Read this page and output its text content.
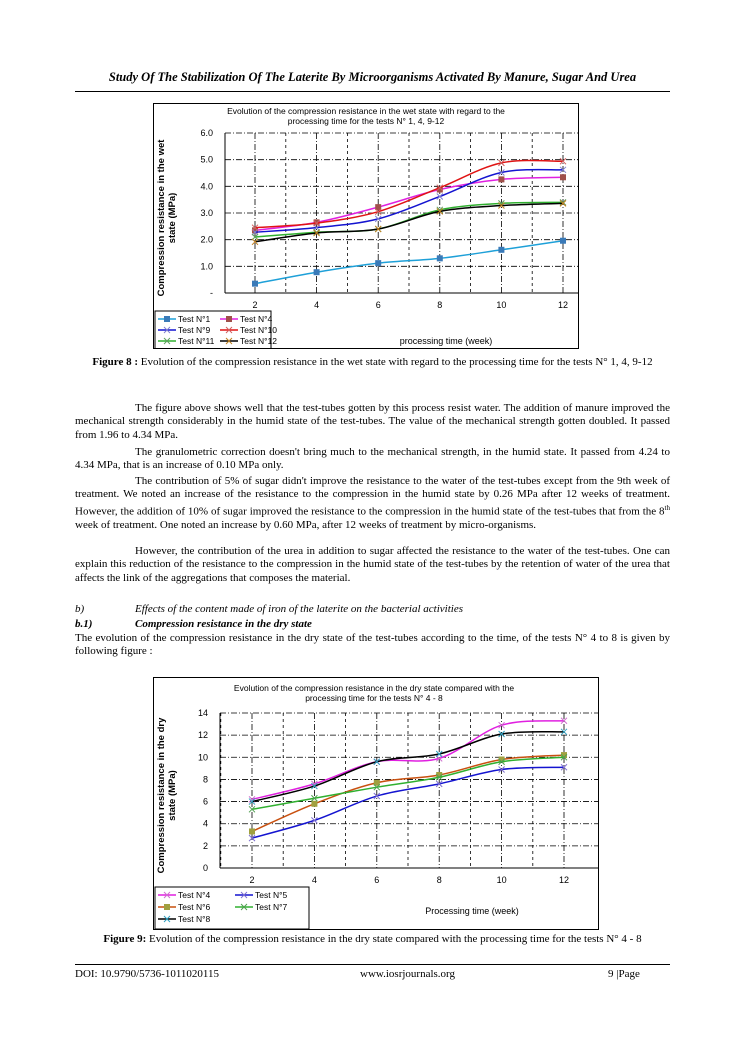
Study Of The Stabilization Of The Laterite By Microorganisms Activated By Manure, Sugar And Urea
Evolution of the compression resistance in the wet state with regard to the
processing time for the tests N° 1, 4, 9-12
-
1.0
2.0
3.0
4.0
5.0
6.0
2	4	6	8	10	12
Compression resistance in the wet state (MPa)
processing time (week)
Test N°1	Test N°4
Test N°9	Test N°10
Test N°11	Test N°12
Figure 8 : Evolution of the compression resistance in the wet state with regard to the processing time for the tests N° 1, 4, 9-12
The figure above shows well that the test-tubes gotten by this process resist water. The addition of manure improved the mechanical strength considerably in the humid state of the test-tubes. The value of the mechanical strength gotten doubled. It passed from 1.96 to 4.34 MPa.
The granulometric correction doesn't bring much to the mechanical strength, in the humid state. It passed from 4.24 to 4.34 MPa, that is an increase of 0.10 MPa only.
The contribution of 5% of sugar didn't improve the resistance to the water of the test-tubes except from the 9th week of treatment. We noted an increase of the resistance to the compression in the humid state by 0.26 MPa after 12 weeks of treatment. However, the addition of 10% of sugar improved the resistance to the compression in the humid state of the test-tubes that from the 8th week of treatment. One noted an increase by 0.60 MPa, after 12 weeks of treatment by micro-organisms.
However, the contribution of the urea in addition to sugar affected the resistance to the water of the test-tubes. One can explain this reduction of the resistance to the compression in the humid state of the test-tubes by the retention of water of the urea that affects the link of the aggregations that composes the material.
b)	Effects of the content made of iron of the laterite on the bacterial activities
b.1)	Compression resistance in the dry state
The evolution of the compression resistance in the dry state of the test-tubes according to the time, of the tests N° 4 to 8 is given by following figure :
Evolution of the compression resistance in the dry state compared with the
processing time for the tests N° 4 - 8
0
2
4
6
8
10
12
14
2	4	6	8	10	12
Compression resistance in the dry state (MPa)
Processing time (week)
Test N°4	Test N°5
Test N°6	Test N°7
Test N°8
Figure 9: Evolution of the compression resistance in the dry state compared with the processing time for the tests N° 4 - 8
DOI: 10.9790/5736-1011020115	www.iosrjournals.org	9 |Page
